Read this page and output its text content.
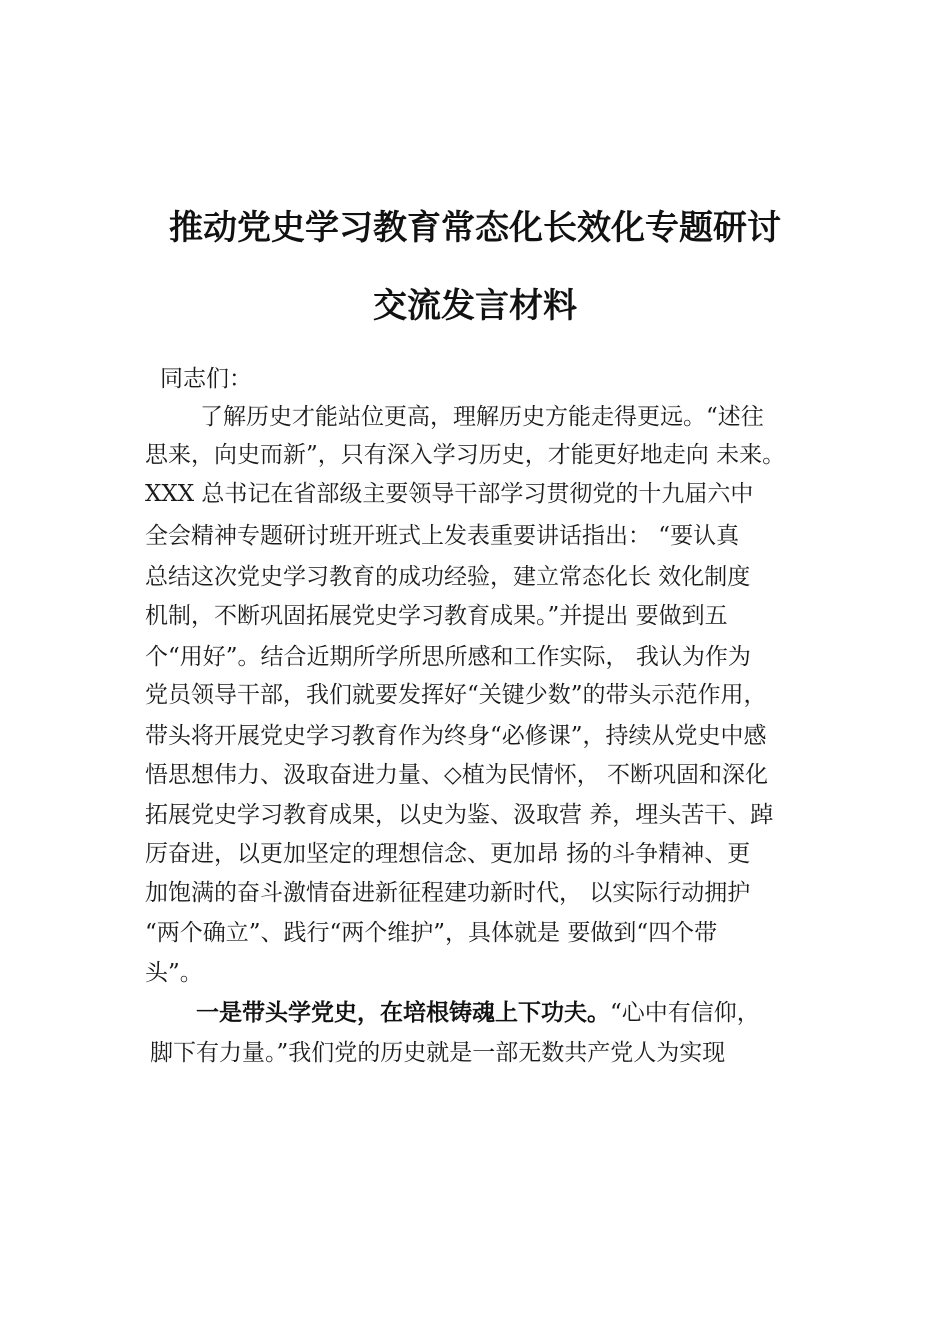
推动党史学习教育常态化长效化专题研讨
交流发言材料
同志们：
了解历史才能站位更高，理解历史方能走得更远。“述往
思来，向史而新”，只有深入学习历史，才能更好地走向 未来。
XXX 总书记在省部级主要领导干部学习贯彻党的十九届六中
全会精神专题研讨班开班式上发表重要讲话指出： “要认真
总结这次党史学习教育的成功经验，建立常态化长 效化制度
机制，不断巩固拓展党史学习教育成果。”并提出 要做到五
个“用好”。结合近期所学所思所感和工作实际， 我认为作为
党员领导干部，我们就要发挥好“关键少数”的带头示范作用，
带头将开展党史学习教育作为终身“必修课”，持续从党史中感
悟思想伟力、汲取奋进力量、◇植为民情怀， 不断巩固和深化
拓展党史学习教育成果，以史为鉴、汲取营 养，埋头苦干、踔
厉奋进，以更加坚定的理想信念、更加昂 扬的斗争精神、更
加饱满的奋斗激情奋进新征程建功新时代， 以实际行动拥护
“两个确立”、践行“两个维护”，具体就是 要做到“四个带
头”。
一是带头学党史，在培根铸魂上下功夫。“心中有信仰，
脚下有力量。”我们党的历史就是一部无数共产党人为实现
